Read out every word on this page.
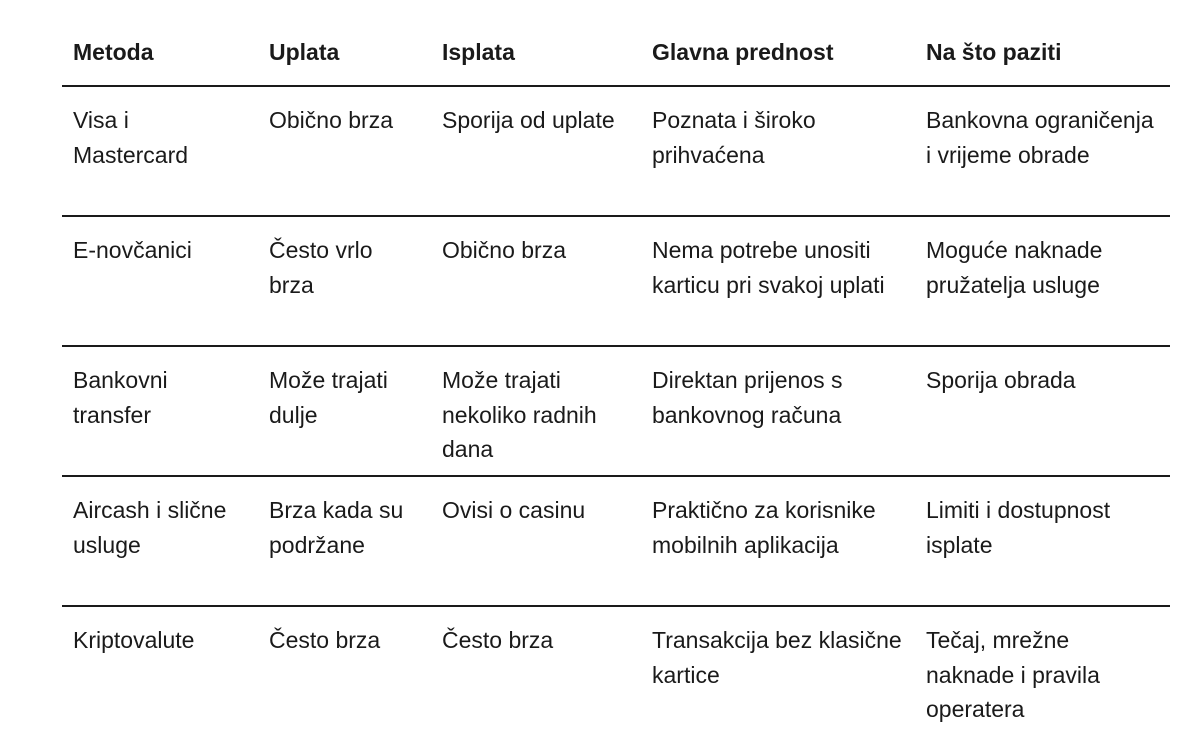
Metoda	Uplata	Isplata	Glavna prednost	Na što paziti

Visa i Mastercard	Obično brza	Sporija od uplate	Poznata i široko prihvaćena	Bankovna ograničenja i vrijeme obrade
E-novčanici	Često vrlo brza	Obično brza	Nema potrebe unositi karticu pri svakoj uplati	Moguće naknade pružatelja usluge
Bankovni transfer	Može trajati dulje	Može trajati nekoliko radnih dana	Direktan prijenos s bankovnog računa	Sporija obrada
Aircash i slične usluge	Brza kada su podržane	Ovisi o casinu	Praktično za korisnike mobilnih aplikacija	Limiti i dostupnost isplate
Kriptovalute	Često brza	Često brza	Transakcija bez klasične kartice	Tečaj, mrežne naknade i pravila operatera
